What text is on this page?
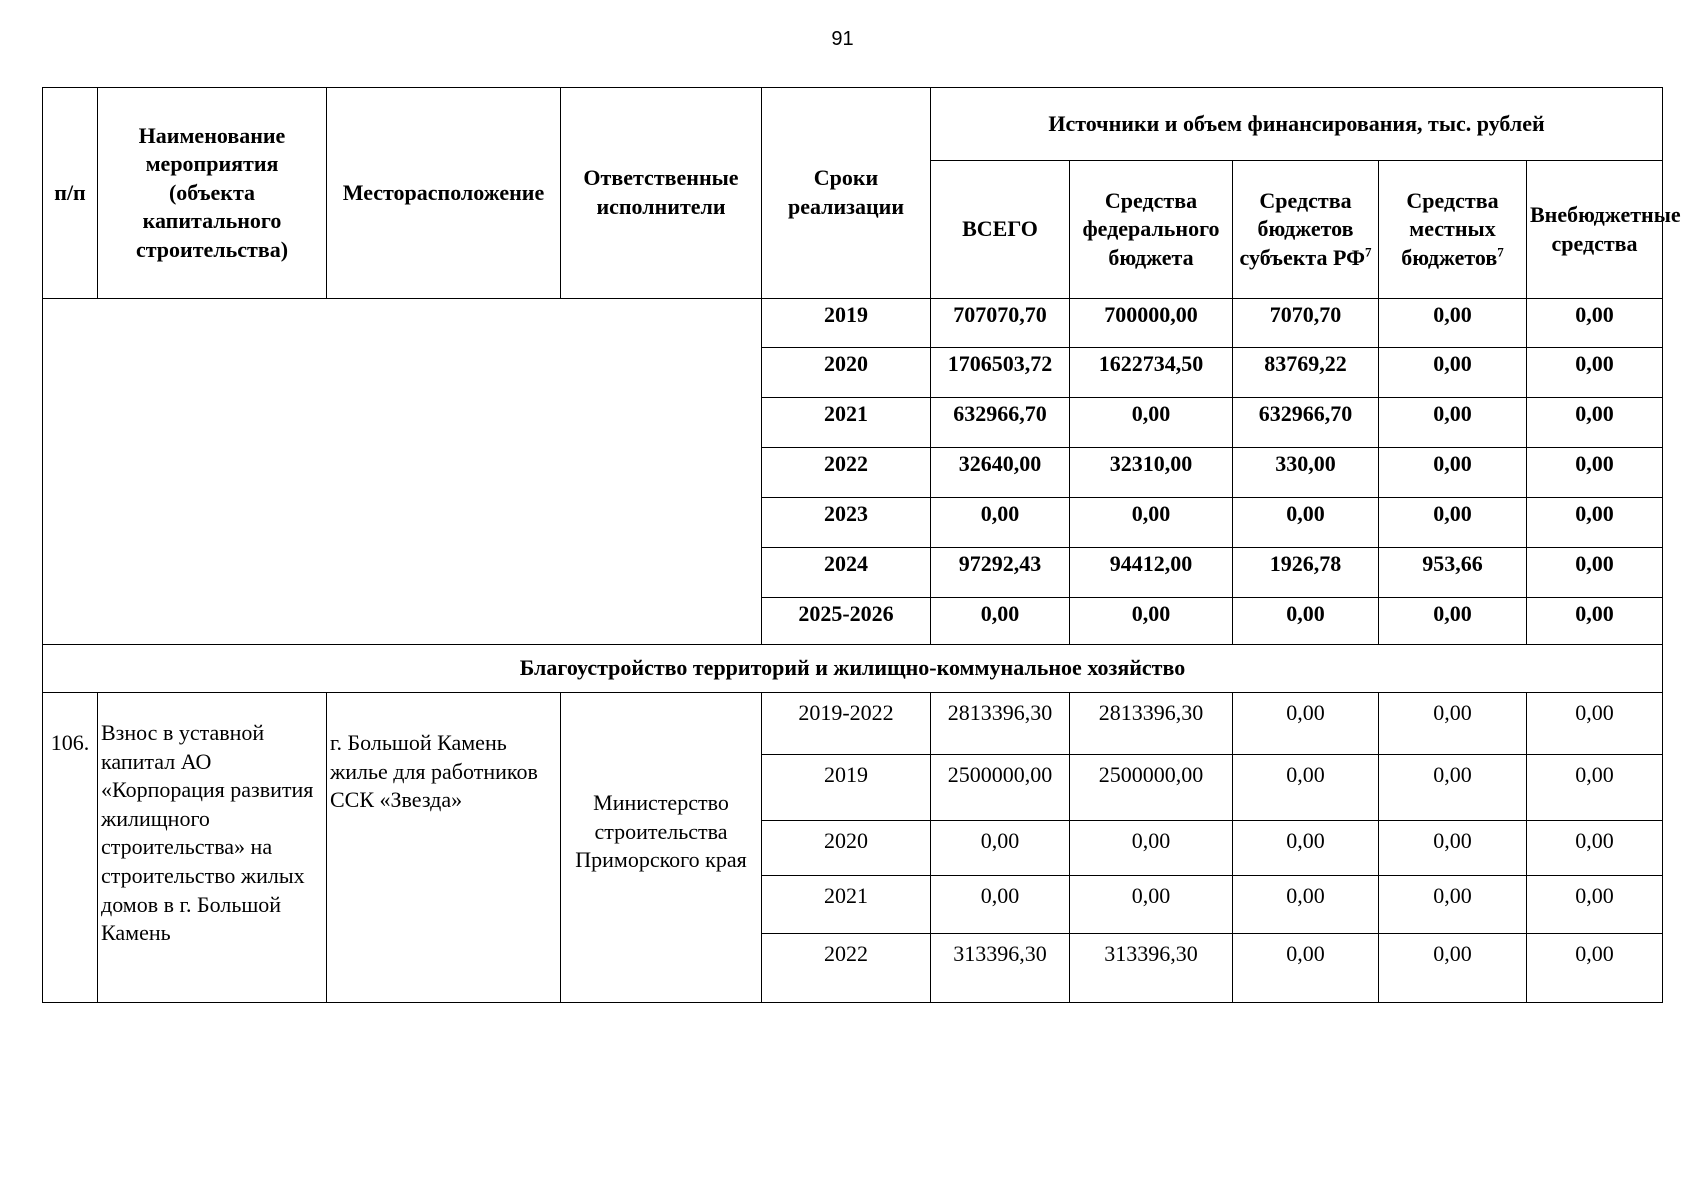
91
п/п	Наименование мероприятия (объекта капитального строительства)	Месторасположение	Ответственные исполнители	Сроки реализации	Источники и объем финансирования, тыс. рублей				
					ВСЕГО	Средства федерального бюджета	Средства бюджетов субъекта $РФ^7$	Средства местных бюджетов$^7$	Внебюджетные средства
				2019	707070,70	700000,00	7070,70	0,00	0,00
				2020	1706503,72	1622734,50	83769,22	0,00	0,00
				2021	632966,70	0,00	632966,70	0,00	0,00
				2022	32640,00	32310,00	330,00	0,00	0,00
				2023	0,00	0,00	0,00	0,00	0,00
				2024	97292,43	94412,00	1926,78	953,66	0,00
				2025-2026	0,00	0,00	0,00	0,00	0,00
Благоустройство территорий и жилищно-коммунальное хозяйство									
106.	Взнос в уставной капитал АО «Корпорация развития жилищного строительства» на строительство жилых домов в г. Большой Камень	г. Большой Камень жилье для работников ССК «Звезда»	Министерство строительства Приморского края	2019-2022	2813396,30	2813396,30	0,00	0,00	0,00
				2019	2500000,00	2500000,00	0,00	0,00	0,00
				2020	0,00	0,00	0,00	0,00	0,00
				2021	0,00	0,00	0,00	0,00	0,00
				2022	313396,30	313396,30	0,00	0,00	0,00
